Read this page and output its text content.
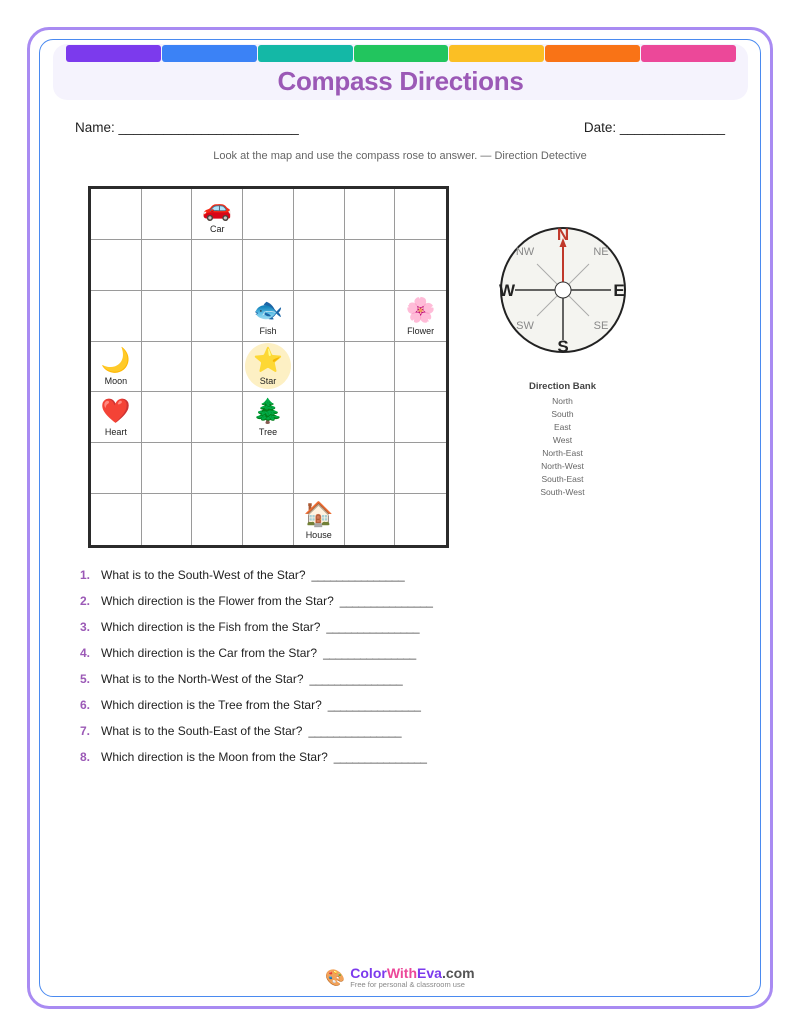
Compass Directions
Name: ________________________	Date: ______________
Look at the map and use the compass rose to answer. — Direction Detective
🚗
Car
🐟
Fish
🌸
Flower
🌙
Moon
⭐
Star
❤️
Heart
🌲
Tree
🏠
House
N
S
E
W
NW	NE
SW	SE
Direction Bank
North
South
East
West
North-East
North-West
South-East
South-West
1. What is to the South-West of the Star? _______________
2. Which direction is the Flower from the Star? _______________
3. Which direction is the Fish from the Star? _______________
4. Which direction is the Car from the Star? _______________
5. What is to the North-West of the Star? _______________
6. Which direction is the Tree from the Star? _______________
7. What is to the South-East of the Star? _______________
8. Which direction is the Moon from the Star? _______________
🎨 ColorWithEva.com
Free for personal & classroom use
